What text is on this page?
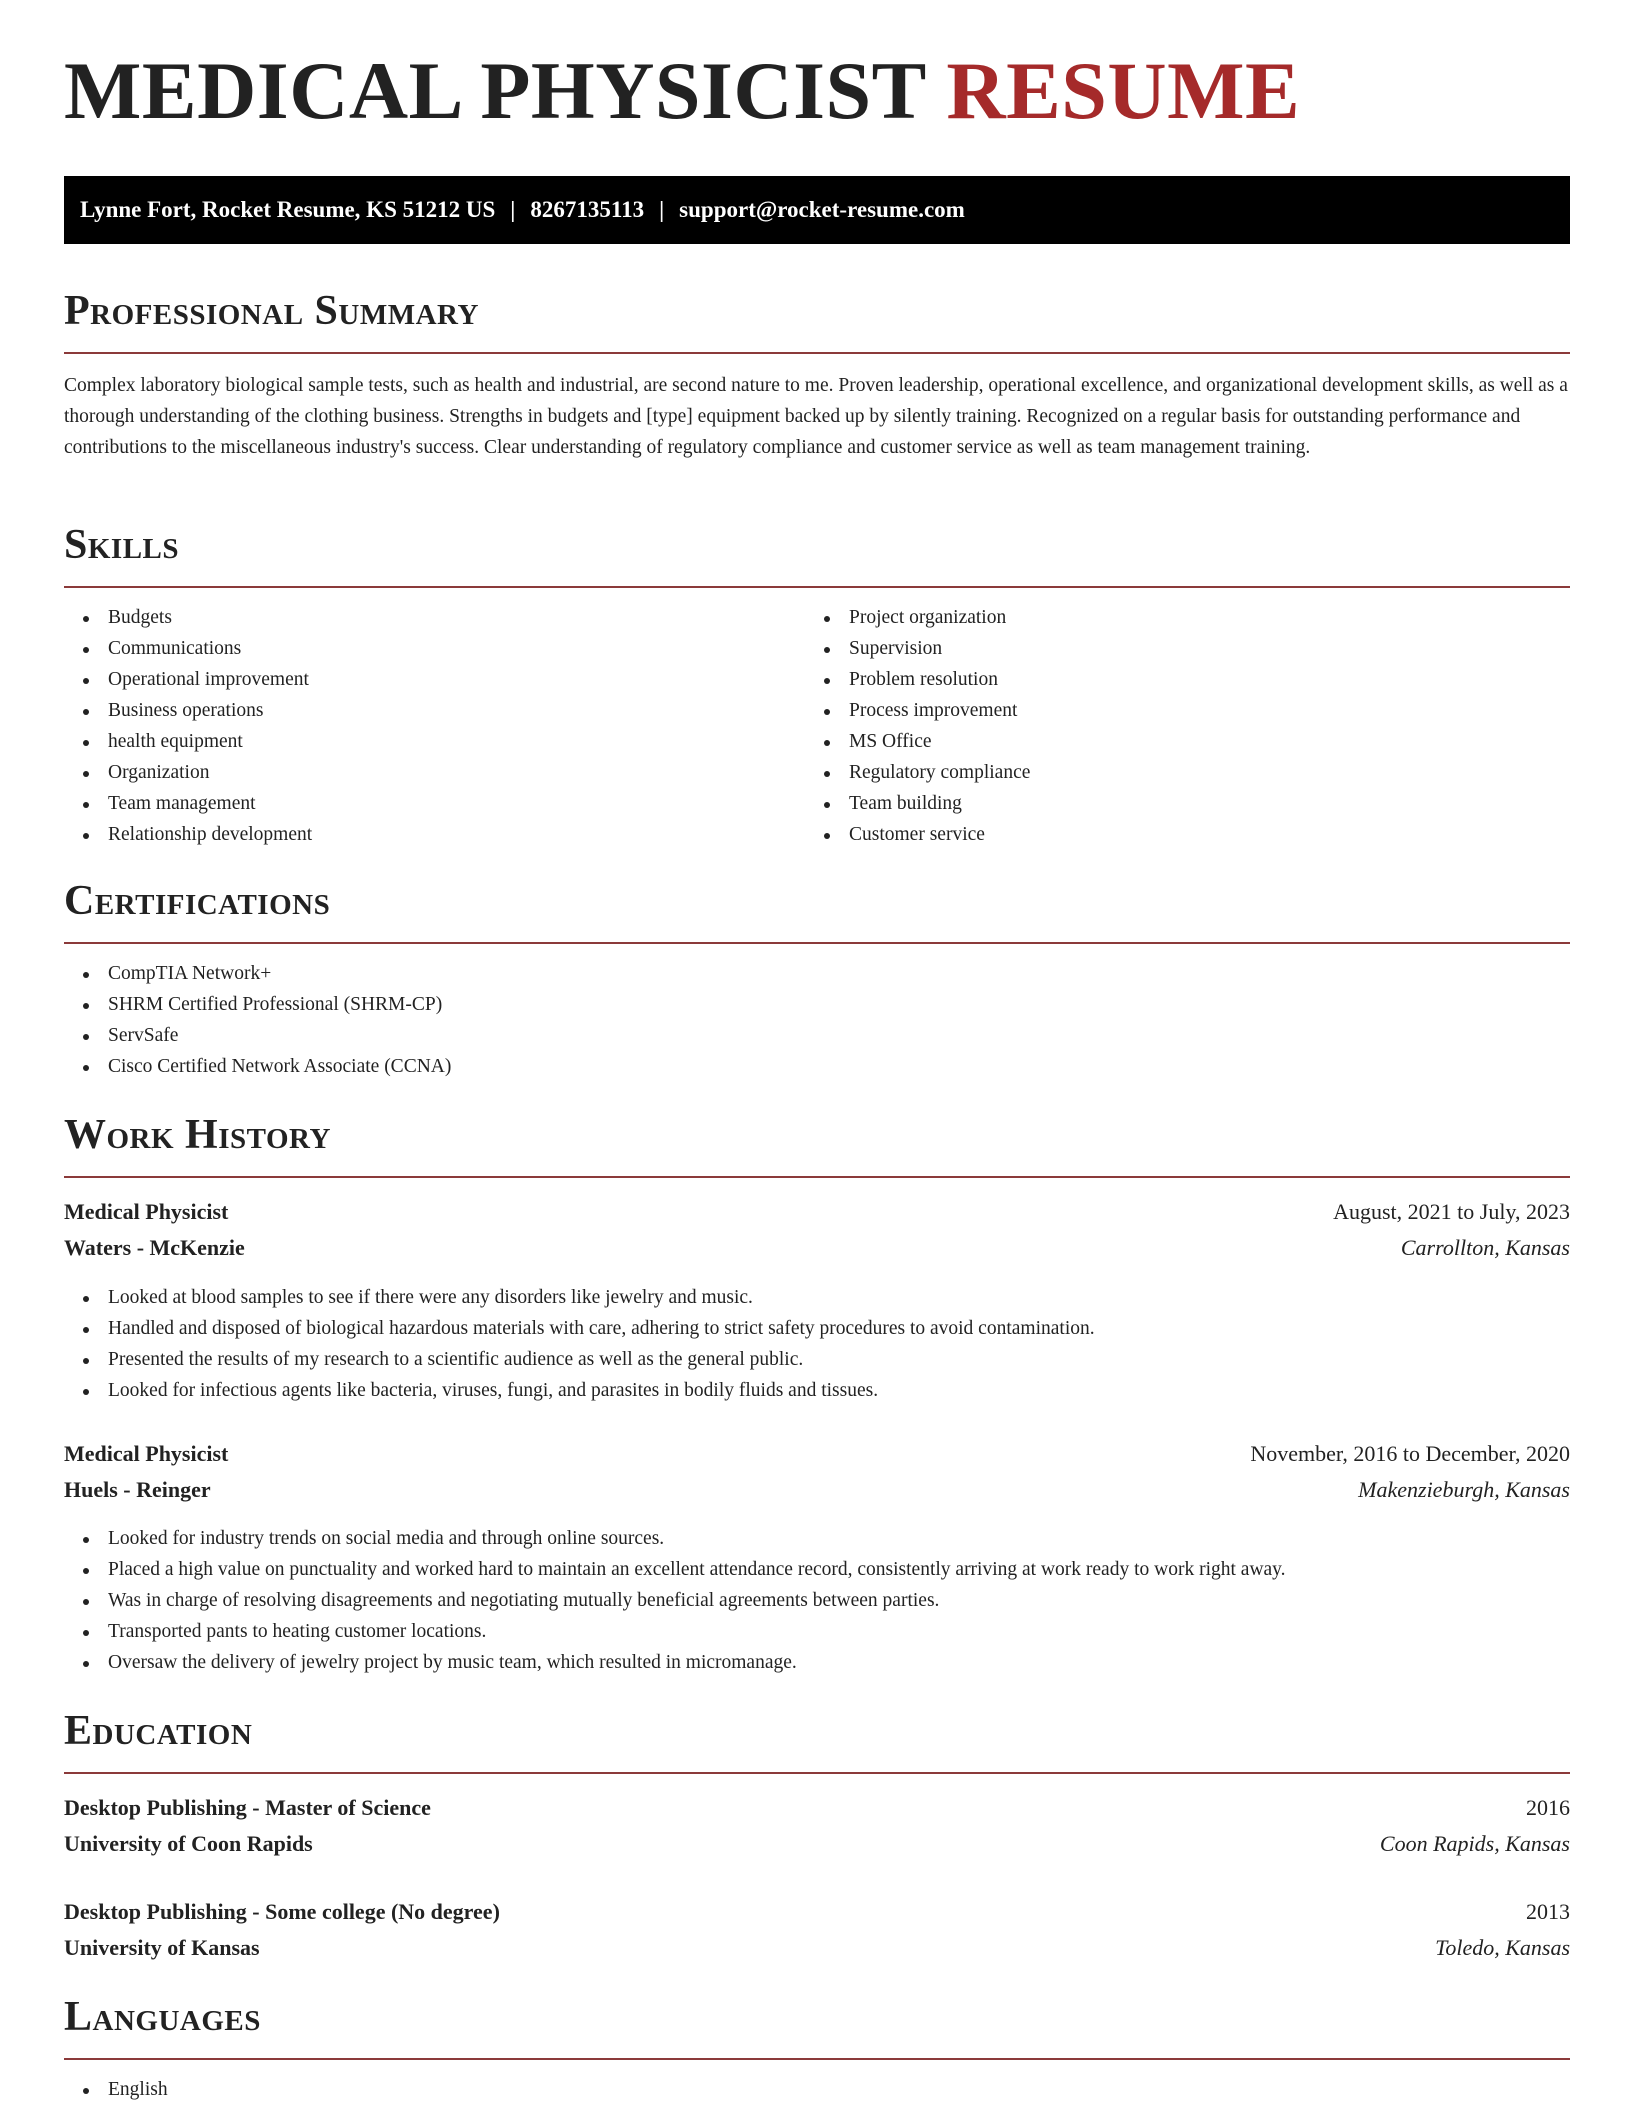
MEDICAL PHYSICIST RESUME
Lynne Fort, Rocket Resume, KS 51212 US | 8267135113 | support@rocket-resume.com
Professional Summary

Complex laboratory biological sample tests, such as health and industrial, are second nature to me. Proven leadership, operational excellence, and organizational development skills, as well as a thorough understanding of the clothing business. Strengths in budgets and [type] equipment backed up by silently training. Recognized on a regular basis for outstanding performance and contributions to the miscellaneous industry's success. Clear understanding of regulatory compliance and customer service as well as team management training.

Skills
Budgets
Communications
Operational improvement
Business operations
health equipment
Organization
Team management
Relationship development
Project organization
Supervision
Problem resolution
Process improvement
MS Office
Regulatory compliance
Team building
Customer service
Certifications
CompTIA Network+
SHRM Certified Professional (SHRM-CP)
ServSafe
Cisco Certified Network Associate (CCNA)
Work History
Medical Physicist	August, 2021 to July, 2023
Waters - McKenzie	Carrollton, Kansas
Looked at blood samples to see if there were any disorders like jewelry and music.
Handled and disposed of biological hazardous materials with care, adhering to strict safety procedures to avoid contamination.
Presented the results of my research to a scientific audience as well as the general public.
Looked for infectious agents like bacteria, viruses, fungi, and parasites in bodily fluids and tissues.
Medical Physicist	November, 2016 to December, 2020
Huels - Reinger	Makenzieburgh, Kansas
Looked for industry trends on social media and through online sources.
Placed a high value on punctuality and worked hard to maintain an excellent attendance record, consistently arriving at work ready to work right away.
Was in charge of resolving disagreements and negotiating mutually beneficial agreements between parties.
Transported pants to heating customer locations.
Oversaw the delivery of jewelry project by music team, which resulted in micromanage.
Education
Desktop Publishing - Master of Science	2016
University of Coon Rapids	Coon Rapids, Kansas
Desktop Publishing - Some college (No degree)	2013
University of Kansas	Toledo, Kansas
Languages
English
